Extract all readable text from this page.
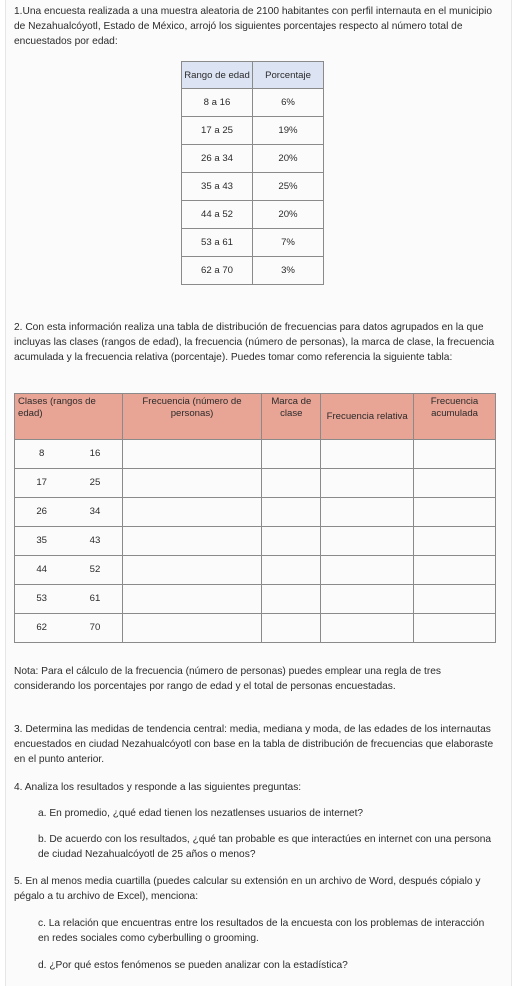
1.Una encuesta realizada a una muestra aleatoria de 2100 habitantes con perfil internauta en el municipio de Nezahualcóyotl, Estado de México, arrojó los siguientes porcentajes respecto al número total de encuestados por edad:

Rango de edad	Porcentaje
8 a 16	6%
17 a 25	19%
26 a 34	20%
35 a 43	25%
44 a 52	20%
53 a 61	7%
62 a 70	3%

2. Con esta información realiza una tabla de distribución de frecuencias para datos agrupados en la que incluyas las clases (rangos de edad), la frecuencia (número de personas), la marca de clase, la frecuencia acumulada y la frecuencia relativa (porcentaje). Puedes tomar como referencia la siguiente tabla:

Clases (rangos de edad)		Frecuencia (número de personas)	Marca de clase	Frecuencia relativa	Frecuencia acumulada
8	16				
17	25				
26	34				
35	43				
44	52				
53	61				
62	70				

Nota: Para el cálculo de la frecuencia (número de personas) puedes emplear una regla de tres considerando los porcentajes por rango de edad y el total de personas encuestadas.

3. Determina las medidas de tendencia central: media, mediana y moda, de las edades de los internautas encuestados en ciudad Nezahualcóyotl con base en la tabla de distribución de frecuencias que elaboraste en el punto anterior.

4. Analiza los resultados y responde a las siguientes preguntas:

a. En promedio, ¿qué edad tienen los nezatlenses usuarios de internet?

b. De acuerdo con los resultados, ¿qué tan probable es que interactúes en internet con una persona de ciudad Nezahualcóyotl de 25 años o menos?

5. En al menos media cuartilla (puedes calcular su extensión en un archivo de Word, después cópialo y pégalo a tu archivo de Excel), menciona:

c. La relación que encuentras entre los resultados de la encuesta con los problemas de interacción en redes sociales como cyberbulling o grooming.

d. ¿Por qué estos fenómenos se pueden analizar con la estadística?
